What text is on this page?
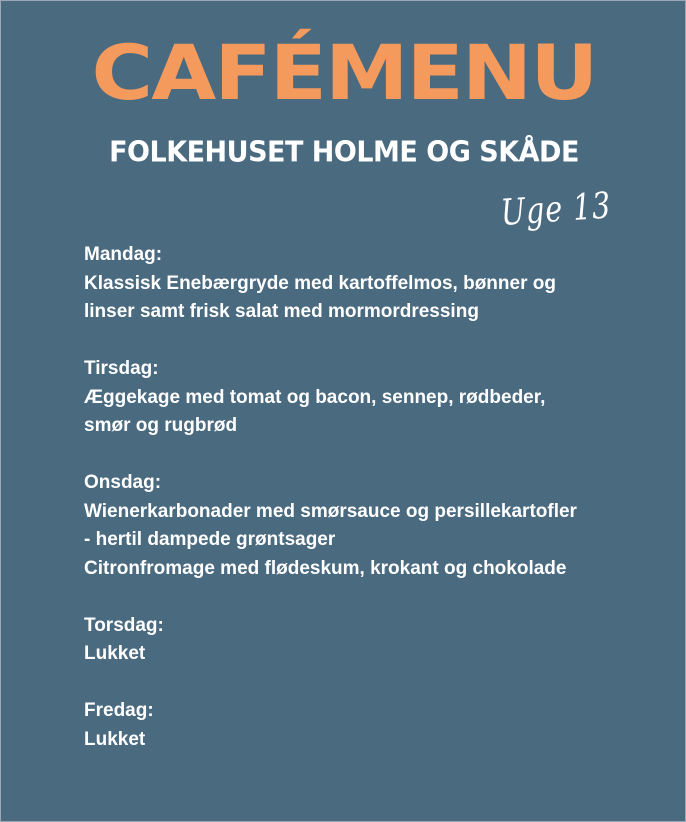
CAFÉMENU
FOLKEHUSET HOLME OG SKÅDE
Uge 13
Mandag:
Klassisk Enebærgryde med kartoffelmos, bønner og
linser samt frisk salat med mormordressing
Tirsdag:
Æggekage med tomat og bacon, sennep, rødbeder,
smør og rugbrød
Onsdag:
Wienerkarbonader med smørsauce og persillekartofler
- hertil dampede grøntsager
Citronfromage med flødeskum, krokant og chokolade
Torsdag:
Lukket
Fredag:
Lukket
